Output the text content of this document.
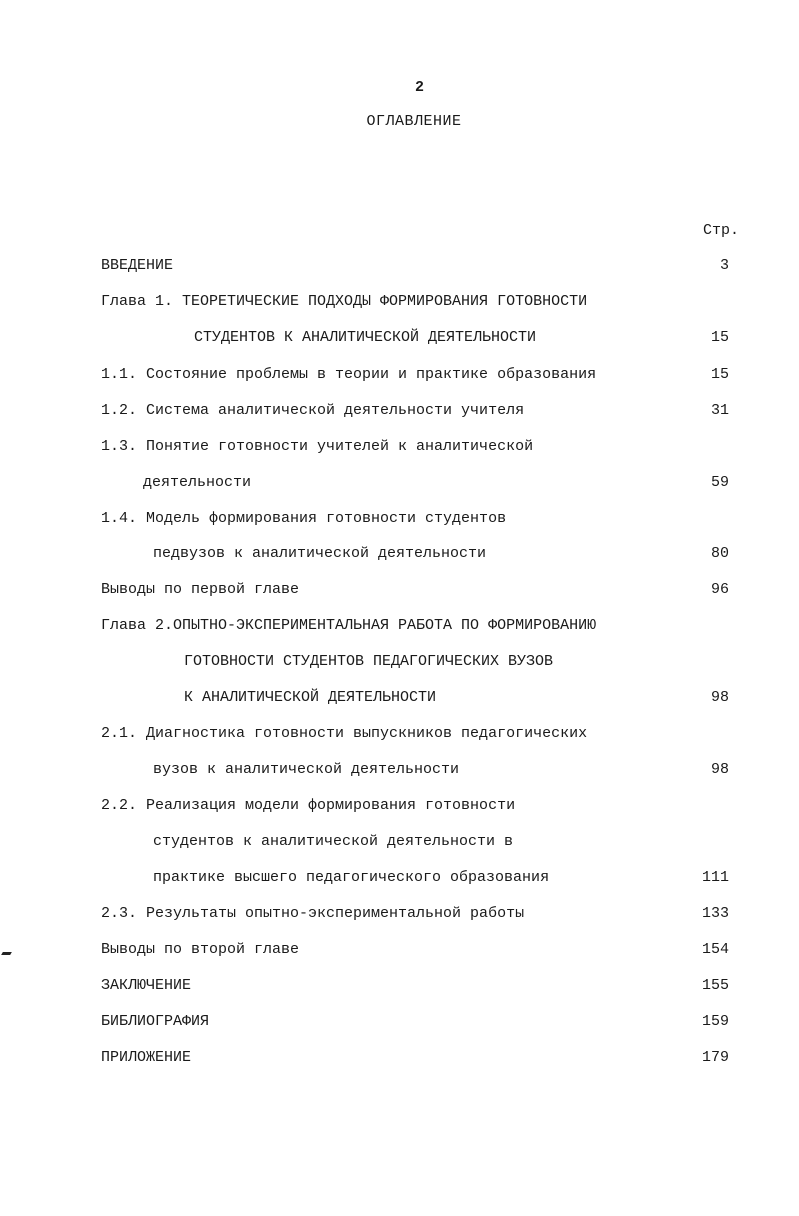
2
ОГЛАВЛЕНИЕ
Стр.
ВВЕДЕНИЕ	3
Глава 1. ТЕОРЕТИЧЕСКИЕ ПОДХОДЫ ФОРМИРОВАНИЯ ГОТОВНОСТИ
СТУДЕНТОВ К АНАЛИТИЧЕСКОЙ ДЕЯТЕЛЬНОСТИ	15
1.1. Состояние проблемы в теории и практике образования	15
1.2. Система аналитической деятельности учителя	31
1.3. Понятие готовности учителей к аналитической
деятельности	59
1.4. Модель формирования готовности студентов
педвузов к аналитической деятельности	80
Выводы по первой главе	96
Глава 2.ОПЫТНО-ЭКСПЕРИМЕНТАЛЬНАЯ РАБОТА ПО ФОРМИРОВАНИЮ
ГОТОВНОСТИ СТУДЕНТОВ ПЕДАГОГИЧЕСКИХ ВУЗОВ
К АНАЛИТИЧЕСКОЙ ДЕЯТЕЛЬНОСТИ	98
2.1. Диагностика готовности выпускников педагогических
вузов к аналитической деятельности	98
2.2. Реализация модели формирования готовности
студентов к аналитической деятельности в
практике высшего педагогического образования	111
2.3. Результаты опытно-экспериментальной работы	133
Выводы по второй главе	154
ЗАКЛЮЧЕНИЕ	155
БИБЛИОГРАФИЯ	159
ПРИЛОЖЕНИЕ	179
